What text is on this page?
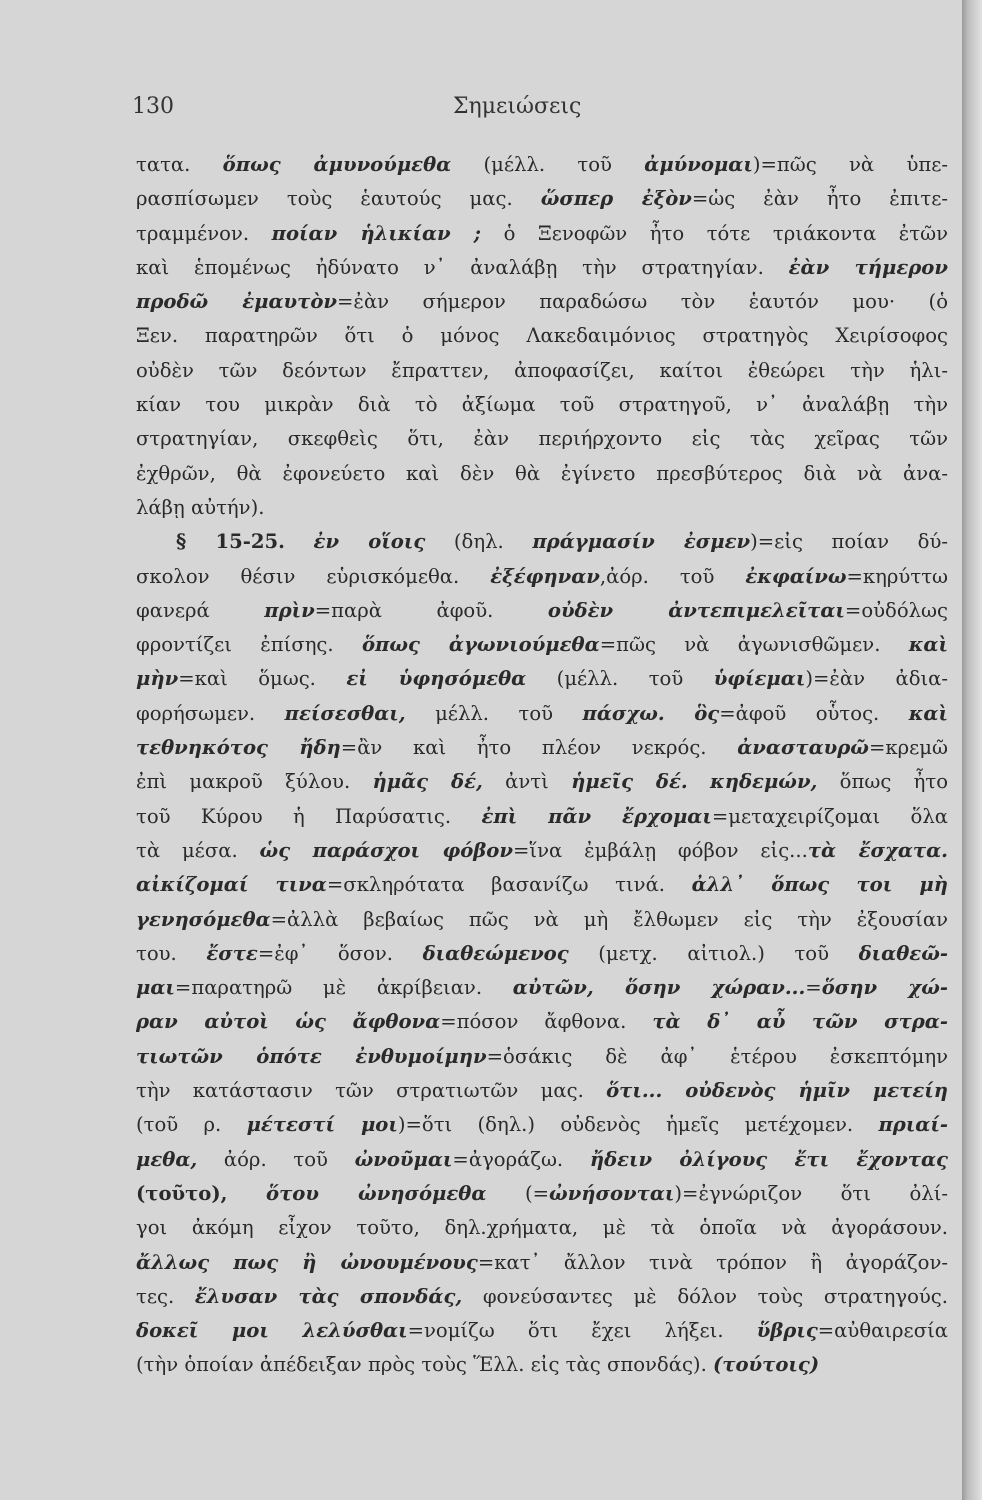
130	Σημειώσεις
τατα. ὅπως ἀμυνούμεθα (μέλλ. τοῦ ἀμύνομαι)=πῶς νὰ ὑπε-
ρασπίσωμεν τοὺς ἑαυτούς μας. ὥσπερ ἐξὸν=ὡς ἐὰν ἦτο ἐπιτε-
τραμμένον. ποίαν ἡλικίαν ; ὁ Ξενοφῶν ἦτο τότε τριάκοντα ἐτῶν
καὶ ἑπομένως ἠδύνατο ν᾽ ἀναλάβῃ τὴν στρατηγίαν. ἐὰν τήμερον
προδῶ ἐμαυτὸν=ἐὰν σήμερον παραδώσω τὸν ἑαυτόν μου· (ὁ
Ξεν. παρατηρῶν ὅτι ὁ μόνος Λακεδαιμόνιος στρατηγὸς Χειρίσοφος
οὐδὲν τῶν δεόντων ἔπραττεν, ἀποφασίζει, καίτοι ἐθεώρει τὴν ἡλι-
κίαν του μικρὰν διὰ τὸ ἀξίωμα τοῦ στρατηγοῦ, ν᾽ ἀναλάβῃ τὴν
στρατηγίαν, σκεφθεὶς ὅτι, ἐὰν περιήρχοντο εἰς τὰς χεῖρας τῶν
ἐχθρῶν, θὰ ἐφονεύετο καὶ δὲν θὰ ἐγίνετο πρεσβύτερος διὰ νὰ ἀνα-
λάβῃ αὐτήν).
§ 15-25. ἐν οἵοις (δηλ. πράγμασίν ἐσμεν)=εἰς ποίαν δύ-
σκολον θέσιν εὑρισκόμεθα. ἐξέφηναν,ἀόρ. τοῦ ἐκφαίνω=κηρύττω
φανερά πρὶν=παρὰ ἀφοῦ. οὐδὲν ἀντεπιμελεῖται=οὐδόλως
φροντίζει ἐπίσης. ὅπως ἀγωνιούμεθα=πῶς νὰ ἀγωνισθῶμεν. καὶ
μὴν=καὶ ὅμως. εἰ ὑφησόμεθα (μέλλ. τοῦ ὑφίεμαι)=ἐὰν ἀδια-
φορήσωμεν. πείσεσθαι, μέλλ. τοῦ πάσχω. ὃς=ἀφοῦ οὗτος. καὶ
τεθνηκότος ἤδη=ἂν καὶ ἦτο πλέον νεκρός. ἀνασταυρῶ=κρεμῶ
ἐπὶ μακροῦ ξύλου. ἡμᾶς δέ, ἀντὶ ἡμεῖς δέ. κηδεμών, ὅπως ἦτο
τοῦ Κύρου ἡ Παρύσατις. ἐπὶ πᾶν ἔρχομαι=μεταχειρίζομαι ὅλα
τὰ μέσα. ὡς παράσχοι φόβον=ἵνα ἐμβάλῃ φόβον εἰς...τὰ ἔσχατα.
αἰκίζομαί τινα=σκληρότατα βασανίζω τινά. ἀλλ᾽ ὅπως τοι μὴ
γενησόμεθα=ἀλλὰ βεβαίως πῶς νὰ μὴ ἔλθωμεν εἰς τὴν ἐξουσίαν
του. ἔστε=ἐφ᾽ ὅσον. διαθεώμενος (μετχ. αἰτιολ.) τοῦ διαθεῶ-
μαι=παρατηρῶ μὲ ἀκρίβειαν. αὐτῶν, ὅσην χώραν...=ὅσην χώ-
ραν αὐτοὶ ὡς ἄφθονα=πόσον ἄφθονα. τὰ δ᾽ αὖ τῶν στρα-
τιωτῶν ὁπότε ἐνθυμοίμην=ὁσάκις δὲ ἀφ᾽ ἑτέρου ἐσκεπτόμην
τὴν κατάστασιν τῶν στρατιωτῶν μας. ὅτι... οὐδενὸς ἡμῖν μετείη
(τοῦ ρ. μέτεστί μοι)=ὅτι (δηλ.) οὐδενὸς ἡμεῖς μετέχομεν. πριαί-
μεθα, ἀόρ. τοῦ ὠνοῦμαι=ἀγοράζω. ἤδειν ὀλίγους ἔτι ἔχοντας
(τοῦτο), ὅτου ὠνησόμεθα (=ὠνήσονται)=ἐγνώριζον ὅτι ὀλί-
γοι ἀκόμη εἶχον τοῦτο, δηλ.χρήματα, μὲ τὰ ὁποῖα νὰ ἀγοράσουν.
ἄλλως πως ἢ ὠνουμένους=κατ᾽ ἄλλον τινὰ τρόπον ἢ ἀγοράζον-
τες. ἔλυσαν τὰς σπονδάς, φονεύσαντες μὲ δόλον τοὺς στρατηγούς.
δοκεῖ μοι λελύσθαι=νομίζω ὅτι ἔχει λήξει. ὕβρις=αὐθαιρεσία
(τὴν ὁποίαν ἀπέδειξαν πρὸς τοὺς Ἕλλ. εἰς τὰς σπονδάς). (τούτοις)
